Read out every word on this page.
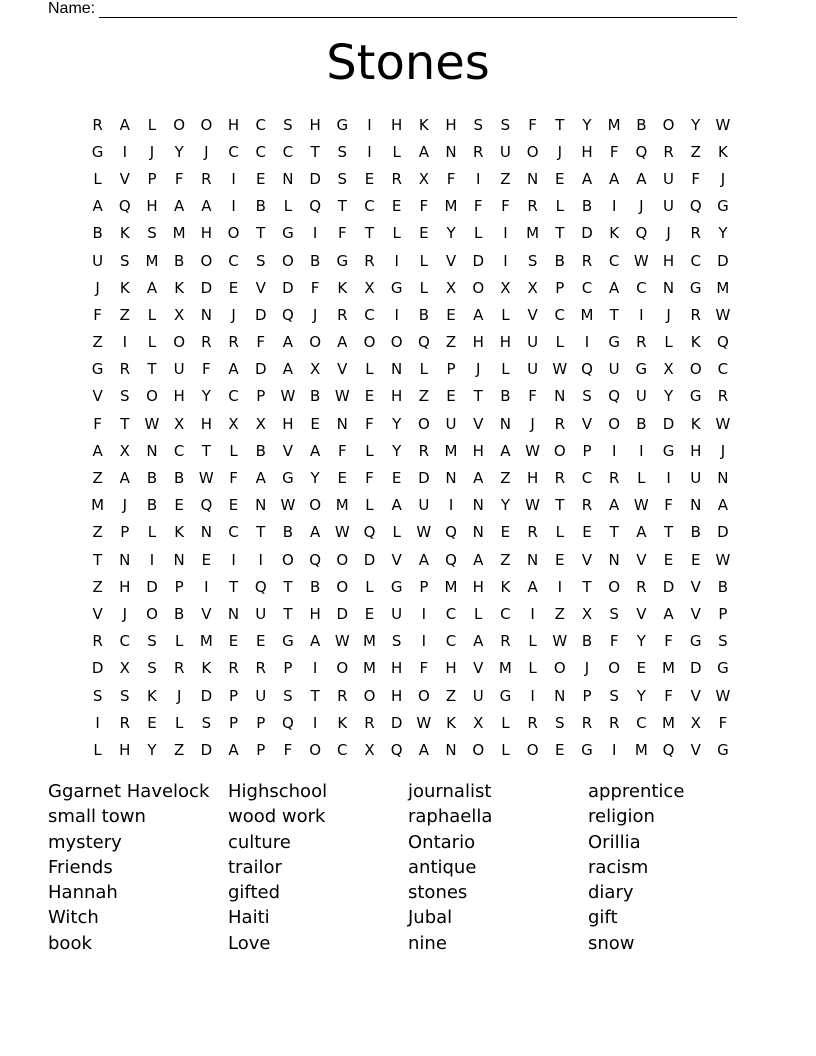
Name:
Stones
R	A	L	O	O	H	C	S	H	G	I	H	K	H	S	S	F	T	Y	M	B	O	Y	W
G	I	J	Y	J	C	C	C	T	S	I	L	A	N	R	U	O	J	H	F	Q	R	Z	K
L	V	P	F	R	I	E	N	D	S	E	R	X	F	I	Z	N	E	A	A	A	U	F	J
A	Q	H	A	A	I	B	L	Q	T	C	E	F	M	F	F	R	L	B	I	J	U	Q	G
B	K	S	M	H	O	T	G	I	F	T	L	E	Y	L	I	M	T	D	K	Q	J	R	Y
U	S	M	B	O	C	S	O	B	G	R	I	L	V	D	I	S	B	R	C W H	C	D
J	K	A	K	D	E	V	D	F	K	X	G	L	X	O	X	X	P	C	A	C	N	G M
F	Z	L	X	N	J	D	Q	J	R	C	I	B	E	A	L	V	C	M	T	I	J	R W
Z	I	L	O	R	R	F	A	O	A	O	O	Q	Z	H	H	U	L	I	G	R	L	K	Q
G	R	T	U	F	A	D	A	X	V	L	N	L	P	J	L	U W Q	U	G	X	O	C
V	S	O	H	Y	C	P	W B W	E	H	Z	E	T	B	F	N	S	Q	U	Y	G	R
F	T	W X	H	X	X	H	E	N	F	Y	O	U	V	N	J	R	V	O	B	D	K W
A	X	N	C	T	L	B	V	A	F	L	Y	R	M	H	A W O	P	I	I	G	H	J
Z	A	B	B W	F	A	G	Y	E	F	E	D	N	A	Z	H	R	C	R	L	I	U	N
M	J	B	E	Q	E	N W O M	L	A	U	I	N	Y	W	T	R	A W	F	N	A
Z	P	L	K	N	C	T	B	A W Q	L	W Q	N	E	R	L	E	T	A	T	B	D
T	N	I	N	E	I	I	O	Q	O	D	V	A	Q	A	Z	N	E	V	N	V	E	E	W
Z	H	D	P	I	T	Q	T	B	O	L	G	P	M	H	K	A	I	T	O	R	D	V	B
V	J	O	B	V	N	U	T	H	D	E	U	I	C	L	C	I	Z	X	S	V	A	V	P
R	C	S	L	M	E	E	G	A W M	S	I	C	A	R	L	W B	F	Y	F	G	S
D	X	S	R	K	R	R	P	I	O M	H	F	H	V	M	L	O	J	O	E	M D	G
S	S	K	J	D	P	U	S	T	R	O	H	O	Z	U	G	I	N	P	S	Y	F	V W
I	R	E	L	S	P	P	Q	I	K	R	D W K	X	L	R	S	R	R	C	M	X	F
L	H	Y	Z	D	A	P	F	O	C	X	Q	A	N	O	L	O	E	G	I	M Q	V	G
Ggarnet Havelock
small town
mystery
Friends
Hannah
Witch
book
Highschool
wood work
culture
trailor
gifted
Haiti
Love
journalist
raphaella
Ontario
antique
stones
Jubal
nine
apprentice
religion
Orillia
racism
diary
gift
snow
